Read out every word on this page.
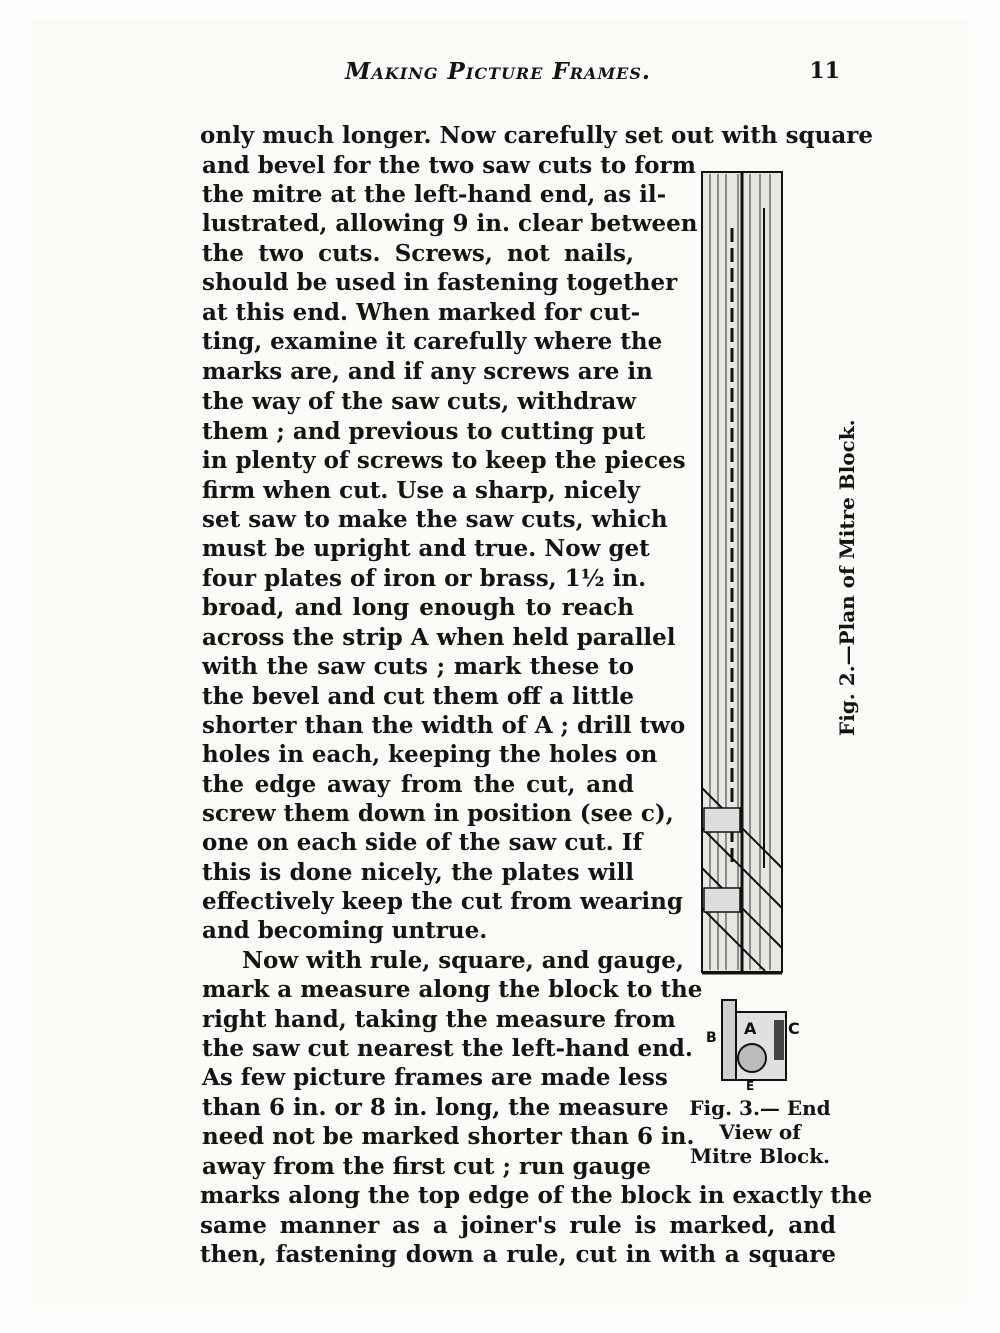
Making Picture Frames.	11
only much longer. Now carefully set out with square
and bevel for the two saw cuts to form
the mitre at the left-hand end, as il-
lustrated, allowing 9 in. clear between
the two cuts. Screws, not nails,
should be used in fastening together
at this end. When marked for cut-
ting, examine it carefully where the
marks are, and if any screws are in
the way of the saw cuts, withdraw
them ; and previous to cutting put
in plenty of screws to keep the pieces
firm when cut. Use a sharp, nicely
set saw to make the saw cuts, which
must be upright and true. Now get
four plates of iron or brass, 1½ in.
broad, and long enough to reach
across the strip A when held parallel
with the saw cuts ; mark these to
the bevel and cut them off a little
shorter than the width of A ; drill two
holes in each, keeping the holes on
the edge away from the cut, and
screw them down in position (see c),
one on each side of the saw cut. If
this is done nicely, the plates will
effectively keep the cut from wearing
and becoming untrue.
Now with rule, square, and gauge,
mark a measure along the block to the
right hand, taking the measure from
the saw cut nearest the left-hand end.
As few picture frames are made less
than 6 in. or 8 in. long, the measure
need not be marked shorter than 6 in.
away from the first cut ; run gauge
marks along the top edge of the block in exactly the
same manner as a joiner's rule is marked, and
then, fastening down a rule, cut in with a square
Fig. 2.—Plan of Mitre Block.
B A C
E
Fig. 3.— End
View of
Mitre Block.
